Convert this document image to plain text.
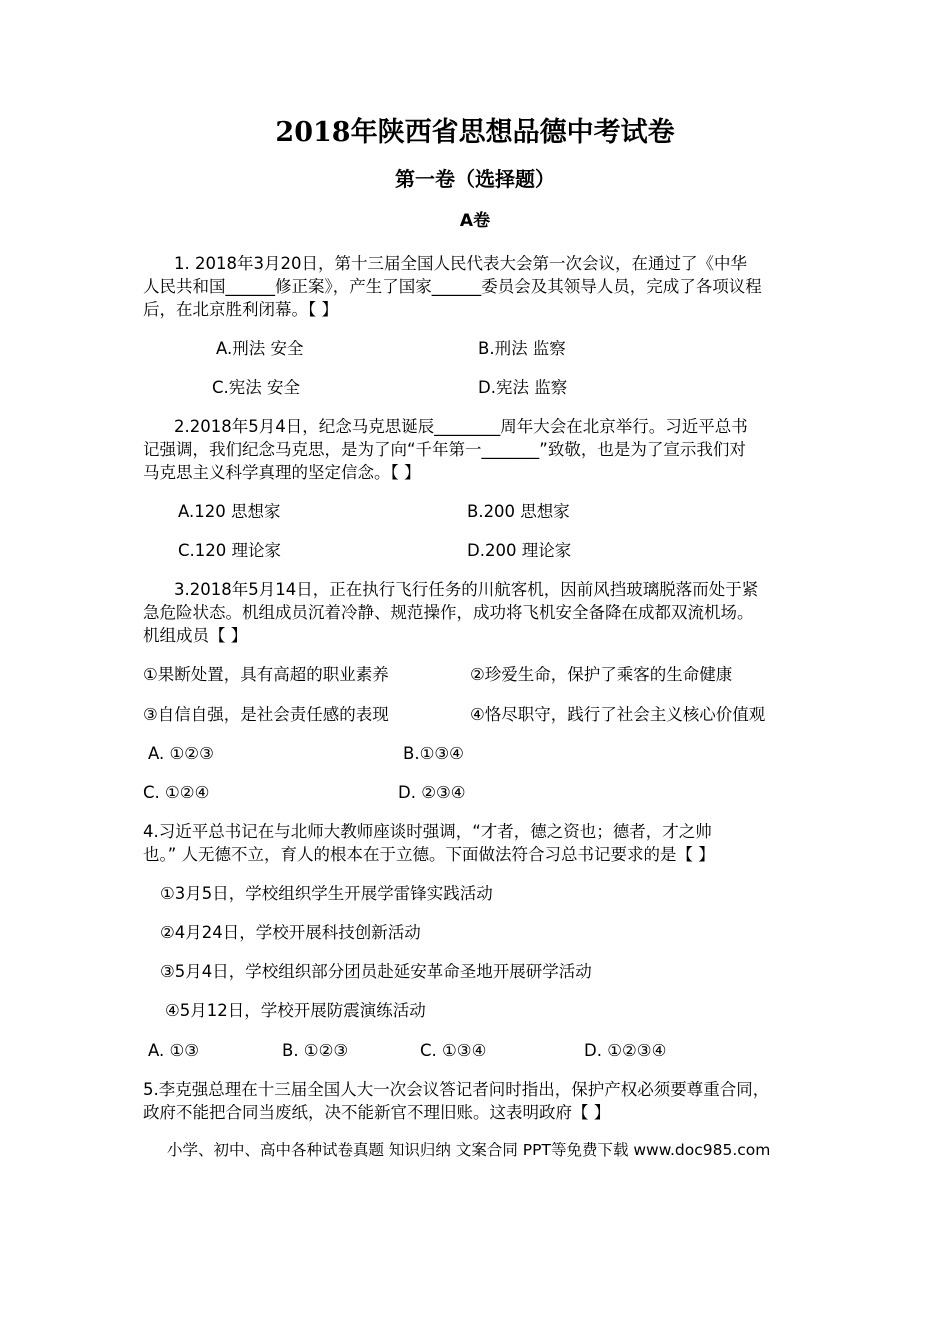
2018年陕西省思想品德中考试卷
第一卷（选择题）
A卷
1. 2018年3月20日，第十三届全国人民代表大会第一次会议，在通过了《中华
人民共和国______修正案》，产生了国家______委员会及其领导人员，完成了各项议程
后，在北京胜利闭幕。【 】
A.刑法 安全	B.刑法 监察
C.宪法 安全	D.宪法 监察
2.2018年5月4日，纪念马克思诞辰________周年大会在北京举行。习近平总书
记强调，我们纪念马克思，是为了向“千年第一_______”致敬，也是为了宣示我们对
马克思主义科学真理的坚定信念。【 】
A.120 思想家	B.200 思想家
C.120 理论家	D.200 理论家
3.2018年5月14日，正在执行飞行任务的川航客机，因前风挡玻璃脱落而处于紧
急危险状态。机组成员沉着冷静、规范操作，成功将飞机安全备降在成都双流机场。
机组成员【 】
①果断处置，具有高超的职业素养	②珍爱生命，保护了乘客的生命健康
③自信自强，是社会责任感的表现	④恪尽职守，践行了社会主义核心价值观
A. ①②③	B.①③④
C. ①②④	D. ②③④
4.习近平总书记在与北师大教师座谈时强调，“才者，德之资也；德者，才之帅
也。” 人无德不立，育人的根本在于立德。下面做法符合习总书记要求的是【 】
①3月5日，学校组织学生开展学雷锋实践活动
②4月24日，学校开展科技创新活动
③5月4日，学校组织部分团员赴延安革命圣地开展研学活动
④5月12日，学校开展防震演练活动
A. ①③	B. ①②③	C. ①③④	D. ①②③④
5.李克强总理在十三届全国人大一次会议答记者问时指出，保护产权必须要尊重合同，
政府不能把合同当废纸，决不能新官不理旧账。这表明政府【 】
小学、初中、高中各种试卷真题 知识归纳 文案合同 PPT等免费下载 www.doc985.com
